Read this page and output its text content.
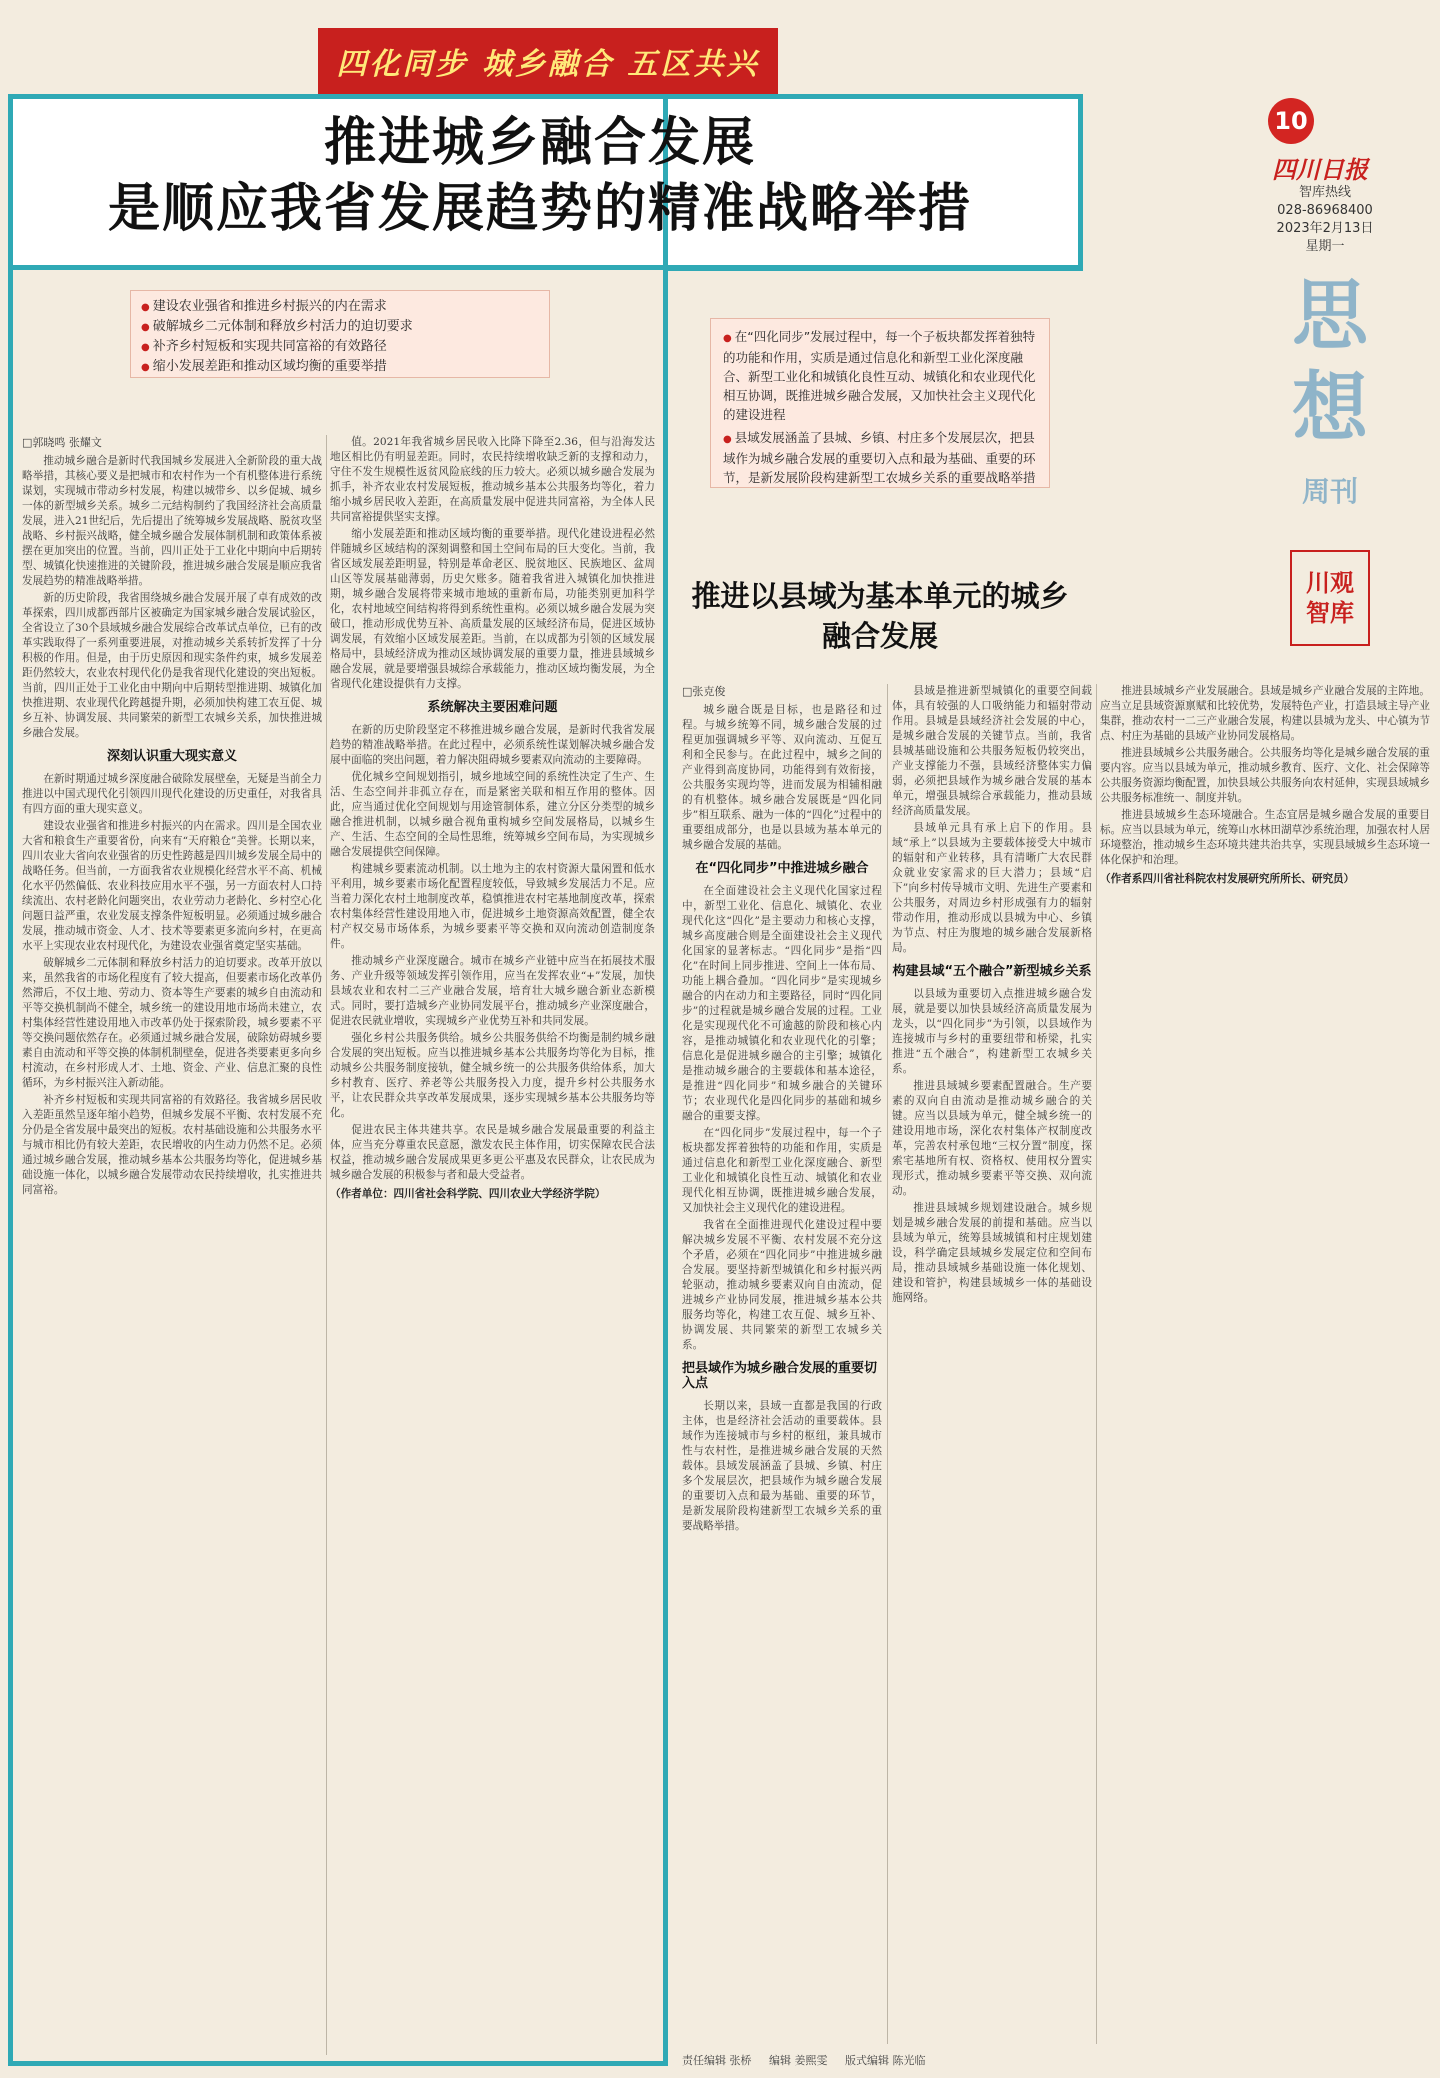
四化同步 城乡融合 五区共兴
推进城乡融合发展
是顺应我省发展趋势的精准战略举措
10
四川日报
智库热线
028-86968400
2023年2月13日
星期一
思想
周刊
川观智库

● 建设农业强省和推进乡村振兴的内在需求

● 破解城乡二元体制和释放乡村活力的迫切要求

● 补齐乡村短板和实现共同富裕的有效路径

● 缩小发展差距和推动区域均衡的重要举措

● 在“四化同步”发展过程中，每一个子板块都发挥着独特的功能和作用，实质是通过信息化和新型工业化深度融合、新型工业化和城镇化良性互动、城镇化和农业现代化相互协调，既推进城乡融合发展，又加快社会主义现代化的建设进程

● 县域发展涵盖了县城、乡镇、村庄多个发展层次，把县域作为城乡融合发展的重要切入点和最为基础、重要的环节，是新发展阶段构建新型工农城乡关系的重要战略举措

推进以县域为基本单元的城乡融合发展

□郭晓鸣 张耀文

推动城乡融合是新时代我国城乡发展进入全新阶段的重大战略举措，其核心要义是把城市和农村作为一个有机整体进行系统谋划，实现城市带动乡村发展，构建以城带乡、以乡促城、城乡一体的新型城乡关系。城乡二元结构制约了我国经济社会高质量发展，进入21世纪后，先后提出了统筹城乡发展战略、脱贫攻坚战略、乡村振兴战略，健全城乡融合发展体制机制和政策体系被摆在更加突出的位置。当前，四川正处于工业化中期向中后期转型、城镇化快速推进的关键阶段，推进城乡融合发展是顺应我省发展趋势的精准战略举措。

新的历史阶段，我省围绕城乡融合发展开展了卓有成效的改革探索，四川成都西部片区被确定为国家城乡融合发展试验区，全省设立了30个县域城乡融合发展综合改革试点单位，已有的改革实践取得了一系列重要进展，对推动城乡关系转折发挥了十分积极的作用。但是，由于历史原因和现实条件约束，城乡发展差距仍然较大，农业农村现代化仍是我省现代化建设的突出短板。当前，四川正处于工业化由中期向中后期转型推进期、城镇化加快推进期、农业现代化跨越提升期，必须加快构建工农互促、城乡互补、协调发展、共同繁荣的新型工农城乡关系，加快推进城乡融合发展。

深刻认识重大现实意义

在新时期通过城乡深度融合破除发展壁垒，无疑是当前全力推进以中国式现代化引领四川现代化建设的历史重任，对我省具有四方面的重大现实意义。

建设农业强省和推进乡村振兴的内在需求。四川是全国农业大省和粮食生产重要省份，向来有“天府粮仓”美誉。长期以来，四川农业大省向农业强省的历史性跨越是四川城乡发展全局中的战略任务。但当前，一方面我省农业规模化经营水平不高、机械化水平仍然偏低、农业科技应用水平不强，另一方面农村人口持续流出、农村老龄化问题突出，农业劳动力老龄化、乡村空心化问题日益严重，农业发展支撑条件短板明显。必须通过城乡融合发展，推动城市资金、人才、技术等要素更多流向乡村，在更高水平上实现农业农村现代化，为建设农业强省奠定坚实基础。

破解城乡二元体制和释放乡村活力的迫切要求。改革开放以来，虽然我省的市场化程度有了较大提高，但要素市场化改革仍然滞后，不仅土地、劳动力、资本等生产要素的城乡自由流动和平等交换机制尚不健全，城乡统一的建设用地市场尚未建立，农村集体经营性建设用地入市改革仍处于探索阶段，城乡要素不平等交换问题依然存在。必须通过城乡融合发展，破除妨碍城乡要素自由流动和平等交换的体制机制壁垒，促进各类要素更多向乡村流动，在乡村形成人才、土地、资金、产业、信息汇聚的良性循环，为乡村振兴注入新动能。

补齐乡村短板和实现共同富裕的有效路径。我省城乡居民收入差距虽然呈逐年缩小趋势，但城乡发展不平衡、农村发展不充分仍是全省发展中最突出的短板。农村基础设施和公共服务水平与城市相比仍有较大差距，农民增收的内生动力仍然不足。必须通过城乡融合发展，推动城乡基本公共服务均等化，促进城乡基础设施一体化，以城乡融合发展带动农民持续增收，扎实推进共同富裕。

值。2021年我省城乡居民收入比降下降至2.36，但与沿海发达地区相比仍有明显差距。同时，农民持续增收缺乏新的支撑和动力，守住不发生规模性返贫风险底线的压力较大。必须以城乡融合发展为抓手，补齐农业农村发展短板，推动城乡基本公共服务均等化，着力缩小城乡居民收入差距，在高质量发展中促进共同富裕，为全体人民共同富裕提供坚实支撑。

缩小发展差距和推动区域均衡的重要举措。现代化建设进程必然伴随城乡区域结构的深刻调整和国土空间布局的巨大变化。当前，我省区域发展差距明显，特别是革命老区、脱贫地区、民族地区、盆周山区等发展基础薄弱，历史欠账多。随着我省进入城镇化加快推进期，城乡融合发展将带来城市地域的重新布局，功能类别更加科学化，农村地域空间结构将得到系统性重构。必须以城乡融合发展为突破口，推动形成优势互补、高质量发展的区域经济布局，促进区域协调发展，有效缩小区域发展差距。当前，在以成都为引领的区域发展格局中，县域经济成为推动区域协调发展的重要力量，推进县域城乡融合发展，就是要增强县城综合承载能力，推动区域均衡发展，为全省现代化建设提供有力支撑。

系统解决主要困难问题

在新的历史阶段坚定不移推进城乡融合发展，是新时代我省发展趋势的精准战略举措。在此过程中，必须系统性谋划解决城乡融合发展中面临的突出问题，着力解决阻碍城乡要素双向流动的主要障碍。

优化城乡空间规划指引，城乡地域空间的系统性决定了生产、生活、生态空间并非孤立存在，而是紧密关联和相互作用的整体。因此，应当通过优化空间规划与用途管制体系，建立分区分类型的城乡融合推进机制，以城乡融合视角重构城乡空间发展格局，以城乡生产、生活、生态空间的全局性思维，统筹城乡空间布局，为实现城乡融合发展提供空间保障。

构建城乡要素流动机制。以土地为主的农村资源大量闲置和低水平利用，城乡要素市场化配置程度较低，导致城乡发展活力不足。应当着力深化农村土地制度改革，稳慎推进农村宅基地制度改革，探索农村集体经营性建设用地入市，促进城乡土地资源高效配置，健全农村产权交易市场体系，为城乡要素平等交换和双向流动创造制度条件。

推动城乡产业深度融合。城市在城乡产业链中应当在拓展技术服务、产业升级等领域发挥引领作用，应当在发挥农业“+”发展，加快县域农业和农村二三产业融合发展，培育壮大城乡融合新业态新模式。同时，要打造城乡产业协同发展平台，推动城乡产业深度融合，促进农民就业增收，实现城乡产业优势互补和共同发展。

强化乡村公共服务供给。城乡公共服务供给不均衡是制约城乡融合发展的突出短板。应当以推进城乡基本公共服务均等化为目标，推动城乡公共服务制度接轨，健全城乡统一的公共服务供给体系，加大乡村教育、医疗、养老等公共服务投入力度，提升乡村公共服务水平，让农民群众共享改革发展成果，逐步实现城乡基本公共服务均等化。

促进农民主体共建共享。农民是城乡融合发展最重要的利益主体，应当充分尊重农民意愿，激发农民主体作用，切实保障农民合法权益，推动城乡融合发展成果更多更公平惠及农民群众，让农民成为城乡融合发展的积极参与者和最大受益者。

（作者单位：四川省社会科学院、四川农业大学经济学院）

□张克俊

城乡融合既是目标，也是路径和过程。与城乡统筹不同，城乡融合发展的过程更加强调城乡平等、双向流动、互促互利和全民参与。在此过程中，城乡之间的产业得到高度协同，功能得到有效衔接，公共服务实现均等，进而发展为相辅相融的有机整体。城乡融合发展既是“四化同步”相互联系、融为一体的“四化”过程中的重要组成部分，也是以县域为基本单元的城乡融合发展的基础。

在“四化同步”中推进城乡融合

在全面建设社会主义现代化国家过程中，新型工业化、信息化、城镇化、农业现代化这“四化”是主要动力和核心支撑，城乡高度融合则是全面建设社会主义现代化国家的显著标志。“四化同步”是指“四化”在时间上同步推进、空间上一体布局、功能上耦合叠加。“四化同步”是实现城乡融合的内在动力和主要路径，同时“四化同步”的过程就是城乡融合发展的过程。工业化是实现现代化不可逾越的阶段和核心内容，是推动城镇化和农业现代化的引擎；信息化是促进城乡融合的主引擎；城镇化是推动城乡融合的主要载体和基本途径，是推进“四化同步”和城乡融合的关键环节；农业现代化是四化同步的基础和城乡融合的重要支撑。

在“四化同步”发展过程中，每一个子板块都发挥着独特的功能和作用，实质是通过信息化和新型工业化深度融合、新型工业化和城镇化良性互动、城镇化和农业现代化相互协调，既推进城乡融合发展，又加快社会主义现代化的建设进程。

我省在全面推进现代化建设过程中要解决城乡发展不平衡、农村发展不充分这个矛盾，必须在“四化同步”中推进城乡融合发展。要坚持新型城镇化和乡村振兴两轮驱动，推动城乡要素双向自由流动，促进城乡产业协同发展，推进城乡基本公共服务均等化，构建工农互促、城乡互补、协调发展、共同繁荣的新型工农城乡关系。

把县域作为城乡融合发展的重要切入点

长期以来，县域一直都是我国的行政主体，也是经济社会活动的重要载体。县域作为连接城市与乡村的枢纽，兼具城市性与农村性，是推进城乡融合发展的天然载体。县域发展涵盖了县城、乡镇、村庄多个发展层次，把县域作为城乡融合发展的重要切入点和最为基础、重要的环节，是新发展阶段构建新型工农城乡关系的重要战略举措。

县域是推进新型城镇化的重要空间载体，具有较强的人口吸纳能力和辐射带动作用。县城是县域经济社会发展的中心，是城乡融合发展的关键节点。当前，我省县城基础设施和公共服务短板仍较突出，产业支撑能力不强，县域经济整体实力偏弱，必须把县域作为城乡融合发展的基本单元，增强县城综合承载能力，推动县域经济高质量发展。

县域单元具有承上启下的作用。县域“承上”以县域为主要载体接受大中城市的辐射和产业转移，具有清晰广大农民群众就业安家需求的巨大潜力；县域“启下”向乡村传导城市文明、先进生产要素和公共服务，对周边乡村形成强有力的辐射带动作用，推动形成以县城为中心、乡镇为节点、村庄为腹地的城乡融合发展新格局。

构建县域“五个融合”新型城乡关系

以县域为重要切入点推进城乡融合发展，就是要以加快县域经济高质量发展为龙头，以“四化同步”为引领，以县域作为连接城市与乡村的重要纽带和桥梁，扎实推进“五个融合”，构建新型工农城乡关系。

推进县域城乡要素配置融合。生产要素的双向自由流动是推动城乡融合的关键。应当以县域为单元，健全城乡统一的建设用地市场，深化农村集体产权制度改革，完善农村承包地“三权分置”制度，探索宅基地所有权、资格权、使用权分置实现形式，推动城乡要素平等交换、双向流动。

推进县域城乡规划建设融合。城乡规划是城乡融合发展的前提和基础。应当以县域为单元，统筹县域城镇和村庄规划建设，科学确定县域城乡发展定位和空间布局，推动县域城乡基础设施一体化规划、建设和管护，构建县域城乡一体的基础设施网络。

推进县域城乡产业发展融合。县域是城乡产业融合发展的主阵地。应当立足县域资源禀赋和比较优势，发展特色产业，打造县域主导产业集群，推动农村一二三产业融合发展，构建以县城为龙头、中心镇为节点、村庄为基础的县域产业协同发展格局。

推进县域城乡公共服务融合。公共服务均等化是城乡融合发展的重要内容。应当以县域为单元，推动城乡教育、医疗、文化、社会保障等公共服务资源均衡配置，加快县域公共服务向农村延伸，实现县域城乡公共服务标准统一、制度并轨。

推进县域城乡生态环境融合。生态宜居是城乡融合发展的重要目标。应当以县域为单元，统筹山水林田湖草沙系统治理，加强农村人居环境整治，推动城乡生态环境共建共治共享，实现县域城乡生态环境一体化保护和治理。

（作者系四川省社科院农村发展研究所所长、研究员）

责任编辑 张桥 编辑 姜熙雯 版式编辑 陈光临
